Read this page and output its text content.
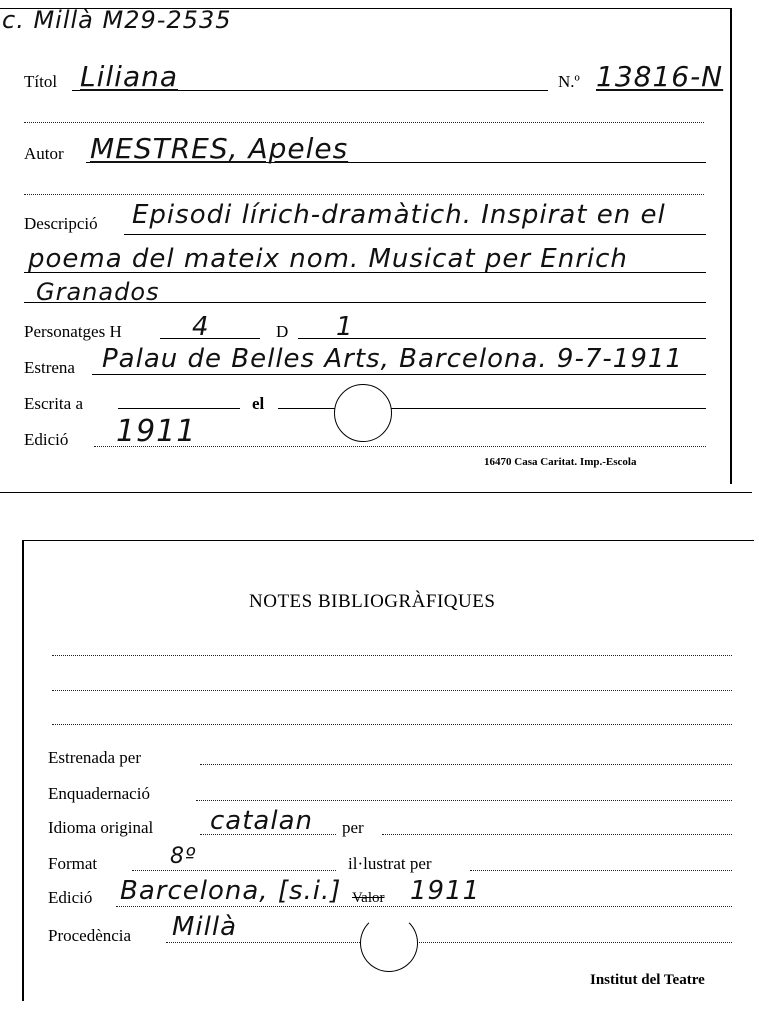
c. Millà M29-2535
Títol Liliana	N.º 13816-N
Autor MESTRES, Apeles
Descripció Episodi lírich-dramàtich. Inspirat en el
poema del mateix nom. Musicat per Enrich
Granados
Personatges H	4	D 1
Estrena Palau de Belles Arts, Barcelona. 9-7-1911
Escrita a	el
Edició 1911
16470 Casa Caritat. Imp.-Escola
NOTES BIBLIOGRÀFIQUES
Estrenada per
Enquadernació
Idioma original catalan per
Format	8º	il·lustrat per
Edició Barcelona, [s.i.] Valor 1911
Procedència Millà
Institut del Teatre
